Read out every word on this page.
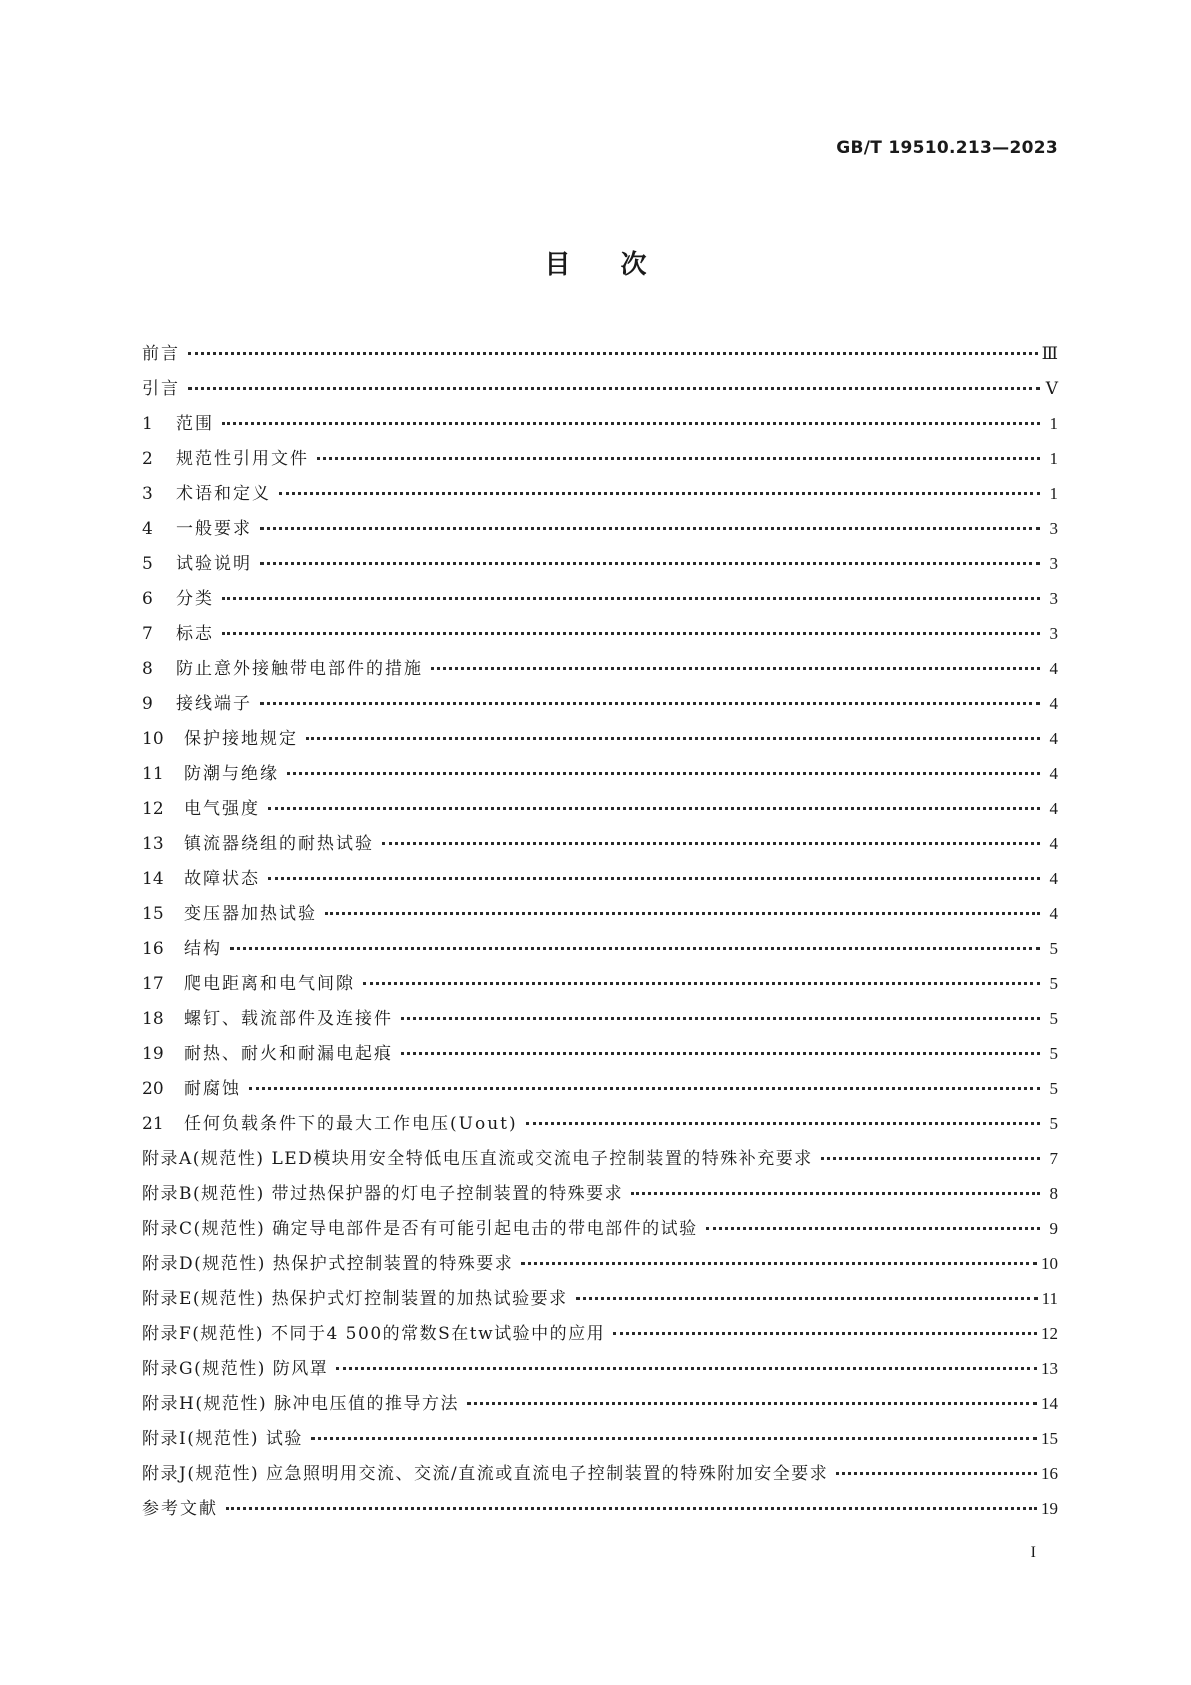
GB/T 19510.213—2023
目次
前言	Ⅲ
引言	Ⅴ
1	范围	1
2	规范性引用文件	1
3	术语和定义	1
4	一般要求	3
5	试验说明	3
6	分类	3
7	标志	3
8	防止意外接触带电部件的措施	4
9	接线端子	4
10	保护接地规定	4
11	防潮与绝缘	4
12	电气强度	4
13	镇流器绕组的耐热试验	4
14	故障状态	4
15	变压器加热试验	4
16	结构	5
17	爬电距离和电气间隙	5
18	螺钉、载流部件及连接件	5
19	耐热、耐火和耐漏电起痕	5
20	耐腐蚀	5
21	任何负载条件下的最大工作电压(Uout)	5
附录A(规范性) LED模块用安全特低电压直流或交流电子控制装置的特殊补充要求	7
附录B(规范性) 带过热保护器的灯电子控制装置的特殊要求	8
附录C(规范性) 确定导电部件是否有可能引起电击的带电部件的试验	9
附录D(规范性) 热保护式控制装置的特殊要求	10
附录E(规范性) 热保护式灯控制装置的加热试验要求	11
附录F(规范性) 不同于4 500的常数S在tw试验中的应用	12
附录G(规范性) 防风罩	13
附录H(规范性) 脉冲电压值的推导方法	14
附录I(规范性) 试验	15
附录J(规范性) 应急照明用交流、交流/直流或直流电子控制装置的特殊附加安全要求	16
参考文献	19
I
